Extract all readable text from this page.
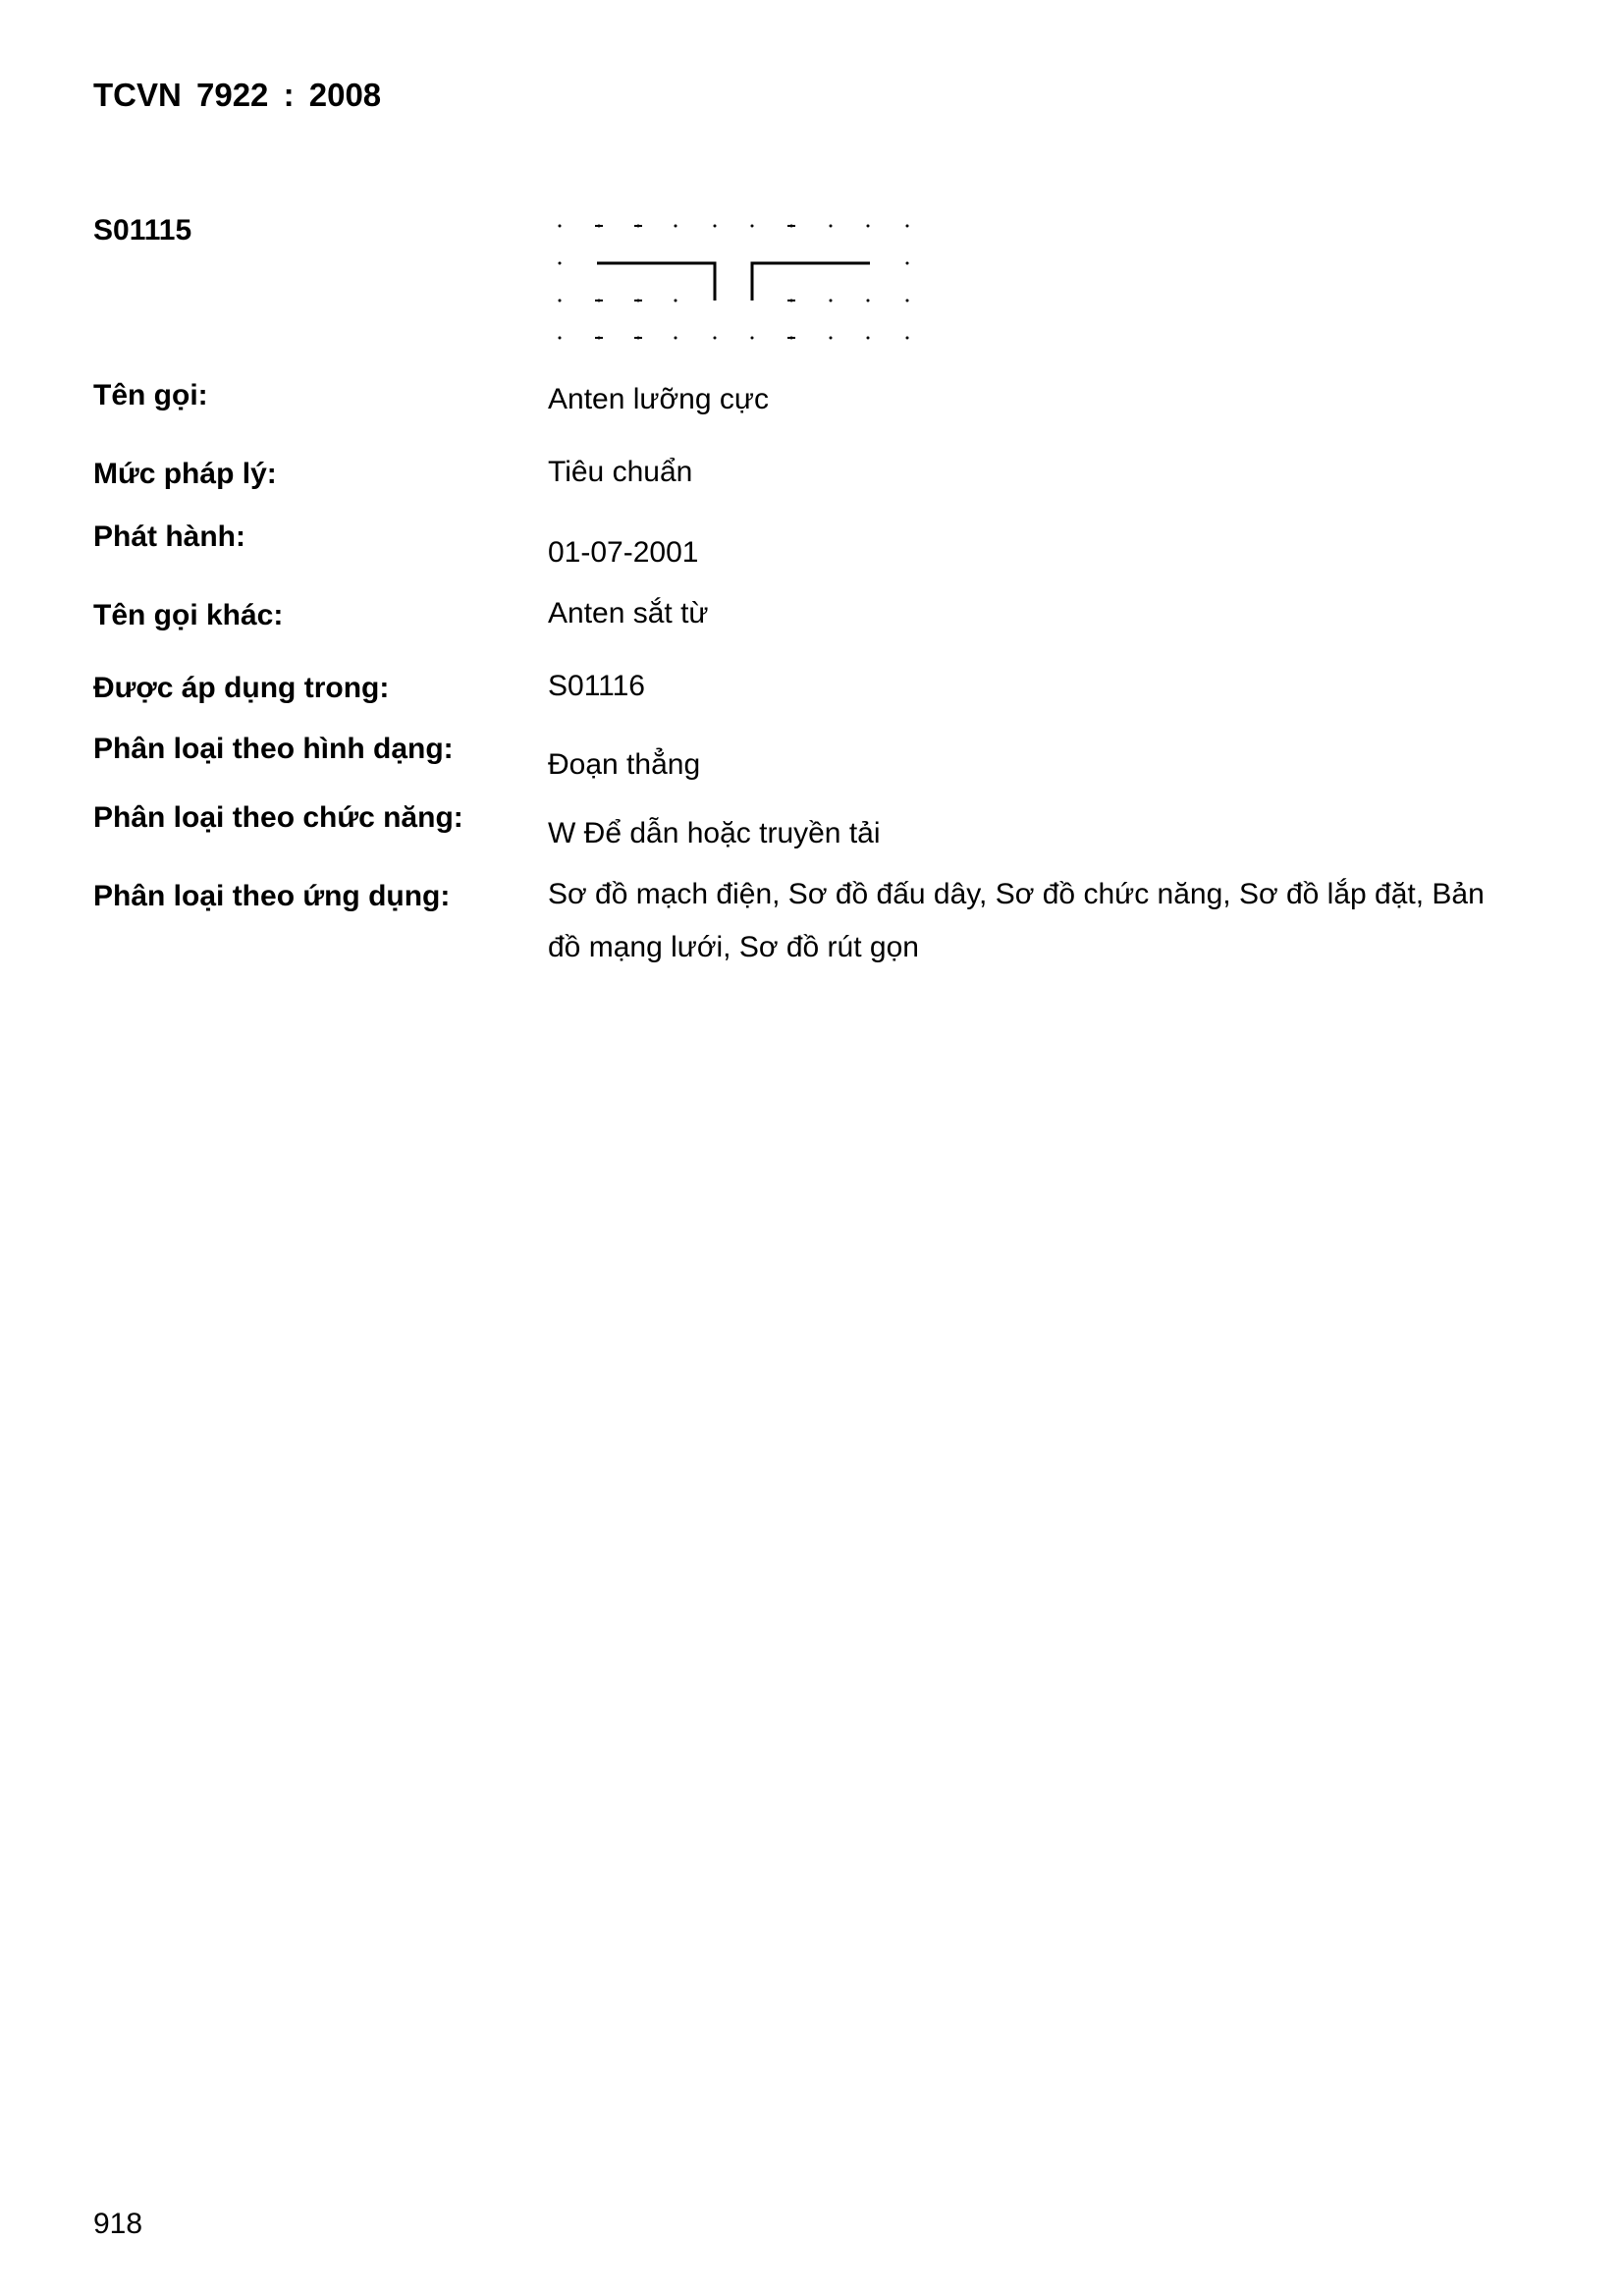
TCVN 7922 : 2008
S01115
Tên gọi:	Anten lưỡng cực
Mức pháp lý:	Tiêu chuẩn
Phát hành:	01-07-2001
Tên gọi khác:	Anten sắt từ
Được áp dụng trong:	S01116
Phân loại theo hình dạng:	Đoạn thẳng
Phân loại theo chức năng:	W Để dẫn hoặc truyền tải
Phân loại theo ứng dụng:	Sơ đồ mạch điện, Sơ đồ đấu dây, Sơ đồ chức năng, Sơ đồ lắp đặt, Bản đồ mạng lưới, Sơ đồ rút gọn
918
